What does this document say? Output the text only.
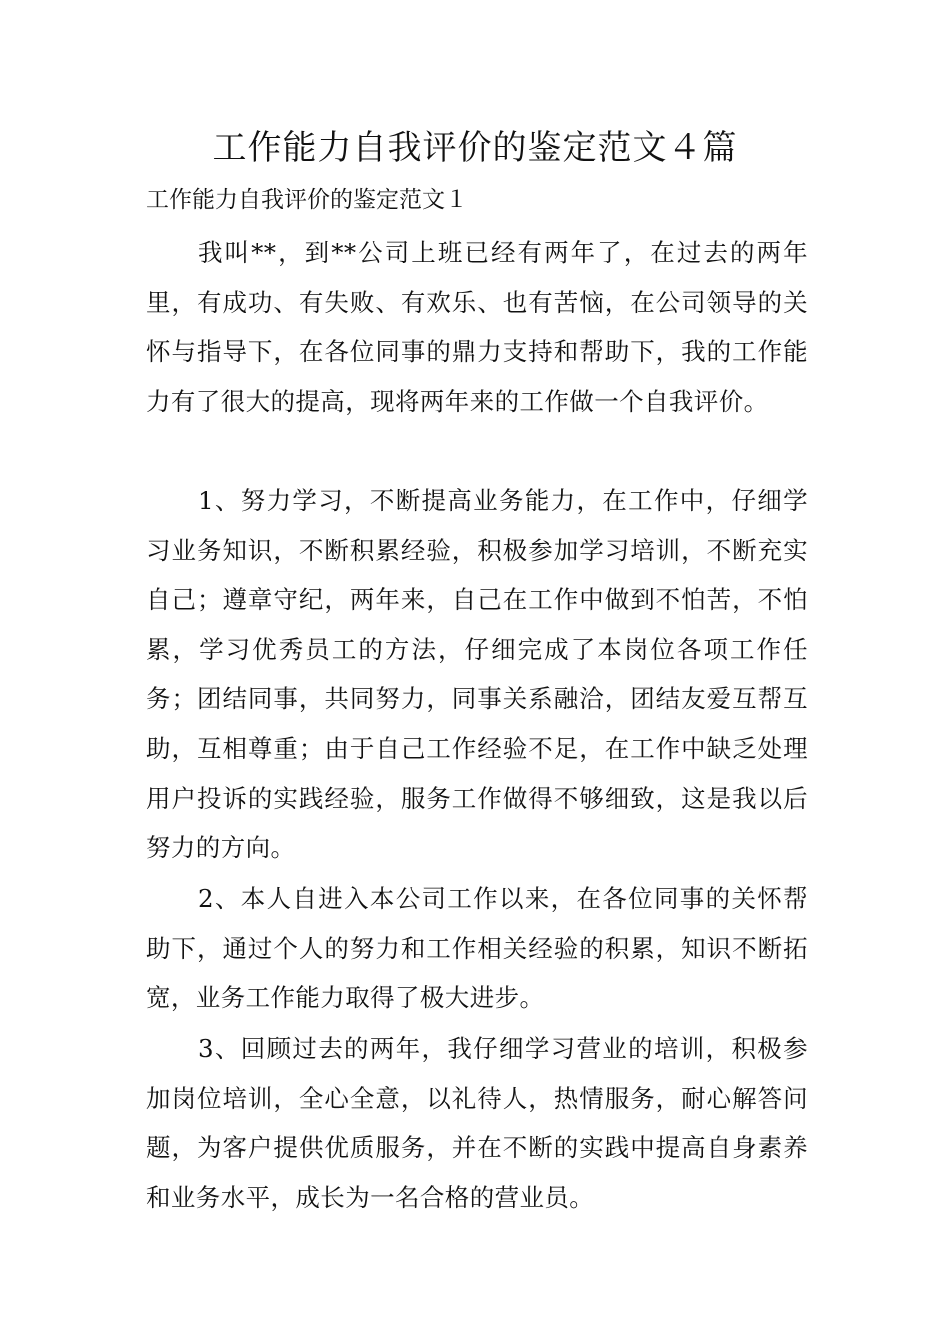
工作能力自我评价的鉴定范文４篇

工作能力自我评价的鉴定范文１

我叫**，到**公司上班已经有两年了，在过去的两年里，有成功、有失败、有欢乐、也有苦恼，在公司领导的关怀与指导下，在各位同事的鼎力支持和帮助下，我的工作能力有了很大的提高，现将两年来的工作做一个自我评价。

1、努力学习，不断提高业务能力，在工作中，仔细学习业务知识，不断积累经验，积极参加学习培训，不断充实自己；遵章守纪，两年来，自己在工作中做到不怕苦，不怕累，学习优秀员工的方法，仔细完成了本岗位各项工作任务；团结同事，共同努力，同事关系融洽，团结友爱互帮互助，互相尊重；由于自己工作经验不足，在工作中缺乏处理用户投诉的实践经验，服务工作做得不够细致，这是我以后努力的方向。

2、本人自进入本公司工作以来，在各位同事的关怀帮助下，通过个人的努力和工作相关经验的积累，知识不断拓宽，业务工作能力取得了极大进步。

3、回顾过去的两年，我仔细学习营业的培训，积极参加岗位培训，全心全意，以礼待人，热情服务，耐心解答问题，为客户提供优质服务，并在不断的实践中提高自身素养和业务水平，成长为一名合格的营业员。
